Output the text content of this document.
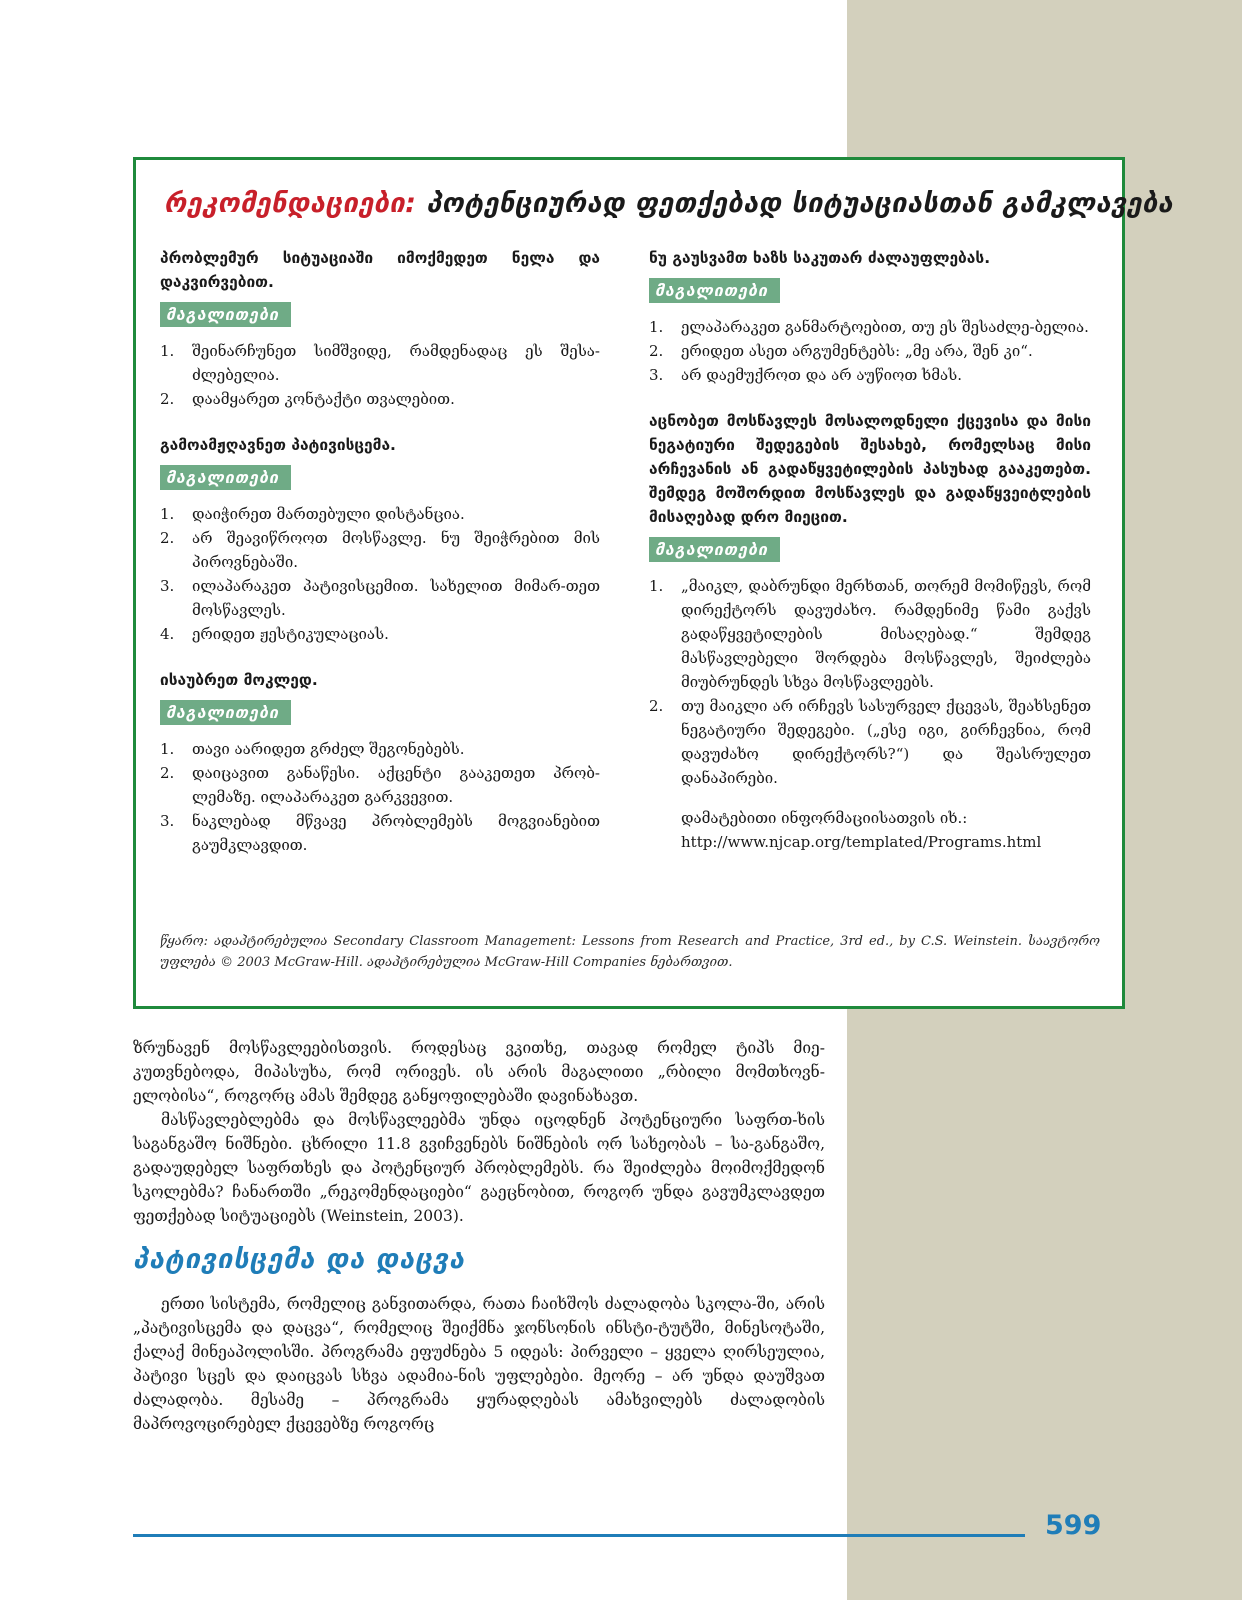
რეკომენდაციები: პოტენციურად ფეთქებად სიტუაციასთან გამკლავება

პრობლემურ სიტუაციაში იმოქმედეთ ნელა და დაკვირვებით.

მაგალითები
1.	შეინარჩუნეთ სიმშვიდე, რამდენადაც ეს შესა-ძლებელია.
2.	დაამყარეთ კონტაქტი თვალებით.

გამოამჟღავნეთ პატივისცემა.

მაგალითები
1.	დაიჭირეთ მართებული დისტანცია.
2.	არ შეავიწროოთ მოსწავლე. ნუ შეიჭრებით მის პიროვნებაში.
3.	ილაპარაკეთ პატივისცემით. სახელით მიმარ-თეთ მოსწავლეს.
4.	ერიდეთ ჟესტიკულაციას.

ისაუბრეთ მოკლედ.

მაგალითები
1.	თავი აარიდეთ გრძელ შეგონებებს.
2.	დაიცავით განაწესი. აქცენტი გააკეთეთ პრობ-ლემაზე. ილაპარაკეთ გარკვევით.
3.	ნაკლებად მწვავე პრობლემებს მოგვიანებით გაუმკლავდით.

ნუ გაუსვამთ ხაზს საკუთარ ძალაუფლებას.

მაგალითები
1.	ელაპარაკეთ განმარტოებით, თუ ეს შესაძლე-ბელია.
2.	ერიდეთ ასეთ არგუმენტებს: „მე არა, შენ კი“.
3.	არ დაემუქროთ და არ აუწიოთ ხმას.

აცნობეთ მოსწავლეს მოსალოდნელი ქცევისა და მისი ნეგატიური შედეგების შესახებ, რომელსაც მისი არჩევანის ან გადაწყვეტილების პასუხად გააკეთებთ. შემდეგ მოშორდით მოსწავლეს და გადაწყვეიტლების მისაღებად დრო მიეცით.

მაგალითები
1.	„მაიკლ, დაბრუნდი მერხთან, თორემ მომიწევს, რომ დირექტორს დავუძახო. რამდენიმე წამი გაქვს გადაწყვეტილების მისაღებად.“ შემდეგ მასწავლებელი შორდება მოსწავლეს, შეიძლება მიუბრუნდეს სხვა მოსწავლეებს.
2.	თუ მაიკლი არ ირჩევს სასურველ ქცევას, შეახსენეთ ნეგატიური შედეგები. („ესე იგი, გირჩევნია, რომ დავუძახო დირექტორს?“) და შეასრულეთ დანაპირები.
დამატებითი ინფორმაციისათვის იხ.:
http://www.njcap.org/templated/Programs.html

წყარო: ადაპტირებულია Secondary Classroom Management: Lessons from Research and Practice, 3rd ed., by C.S. Weinstein. საავტორო უფლება © 2003 McGraw-Hill. ადაპტირებულია McGraw-Hill Companies ნებართვით.

ზრუნავენ მოსწავლეებისთვის. როდესაც ვკითხე, თავად რომელ ტიპს მიე-კუთვნებოდა, მიპასუხა, რომ ორივეს. ის არის მაგალითი „რბილი მომთხოვნ-ელობისა“, როგორც ამას შემდეგ განყოფილებაში დავინახავთ.

მასწავლებლებმა და მოსწავლეებმა უნდა იცოდნენ პოტენციური საფრთ-ხის საგანგაშო ნიშნები. ცხრილი 11.8 გვიჩვენებს ნიშნების ორ სახეობას – სა-განგაშო, გადაუდებელ საფრთხეს და პოტენციურ პრობლემებს. რა შეიძლება მოიმოქმედონ სკოლებმა? ჩანართში „რეკომენდაციები“ გაეცნობით, როგორ უნდა გავუმკლავდეთ ფეთქებად სიტუაციებს (Weinstein, 2003).

პატივისცემა და დაცვა

ერთი სისტემა, რომელიც განვითარდა, რათა ჩაიხშოს ძალადობა სკოლა-ში, არის „პატივისცემა და დაცვა“, რომელიც შეიქმნა ჯონსონის ინსტი-ტუტში, მინესოტაში, ქალაქ მინეაპოლისში. პროგრამა ეფუძნება 5 იდეას: პირველი – ყველა ღირსეულია, პატივი სცეს და დაიცვას სხვა ადამია-ნის უფლებები. მეორე – არ უნდა დაუშვათ ძალადობა. მესამე – პროგრამა ყურადღებას ამახვილებს ძალადობის მაპროვოცირებელ ქცევებზე როგორც

599
